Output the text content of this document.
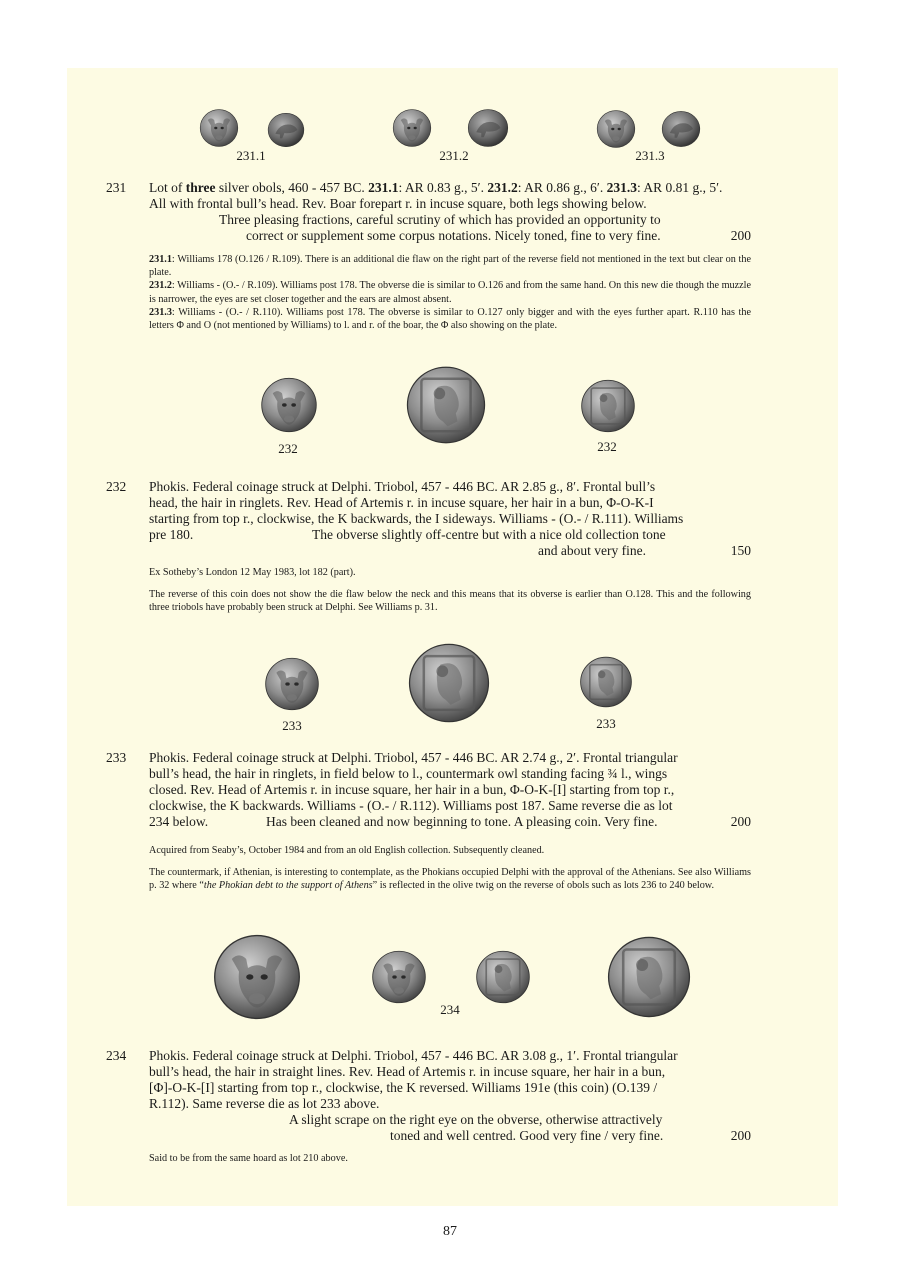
231.1	231.2	231.3
231 Lot of three silver obols, 460 - 457 BC. 231.1: AR 0.83 g., 5′. 231.2: AR 0.86 g., 6′. 231.3: AR 0.81 g., 5′.
All with frontal bull’s head. Rev. Boar forepart r. in incuse square, both legs showing below.
Three pleasing fractions, careful scrutiny of which has provided an opportunity to
correct or supplement some corpus notations. Nicely toned, fine to very fine.	200
231.1: Williams 178 (O.126 / R.109). There is an additional die flaw on the right part of the reverse field not mentioned in the text but clear on the plate.
231.2: Williams - (O.- / R.109). Williams post 178. The obverse die is similar to O.126 and from the same hand. On this new die though the muzzle is narrower, the eyes are set closer together and the ears are almost absent.
231.3: Williams - (O.- / R.110). Williams post 178. The obverse is similar to O.127 only bigger and with the eyes further apart. R.110 has the letters Φ and O (not mentioned by Williams) to l. and r. of the boar, the Φ also showing on the plate.
232	232
232 Phokis. Federal coinage struck at Delphi. Triobol, 457 - 446 BC. AR 2.85 g., 8′. Frontal bull’s
head, the hair in ringlets. Rev. Head of Artemis r. in incuse square, her hair in a bun, Φ-O-K-I
starting from top r., clockwise, the K backwards, the I sideways. Williams - (O.- / R.111). Williams
pre 180.	The obverse slightly off-centre but with a nice old collection tone
and about very fine.	150
Ex Sotheby’s London 12 May 1983, lot 182 (part).
The reverse of this coin does not show the die flaw below the neck and this means that its obverse is earlier than O.128. This and the following three triobols have probably been struck at Delphi. See Williams p. 31.
233	233
233 Phokis. Federal coinage struck at Delphi. Triobol, 457 - 446 BC. AR 2.74 g., 2′. Frontal triangular
bull’s head, the hair in ringlets, in field below to l., countermark owl standing facing ¾ l., wings
closed. Rev. Head of Artemis r. in incuse square, her hair in a bun, Φ-O-K-[I] starting from top r.,
clockwise, the K backwards. Williams - (O.- / R.112). Williams post 187. Same reverse die as lot
234 below.	Has been cleaned and now beginning to tone. A pleasing coin. Very fine.	200
Acquired from Seaby’s, October 1984 and from an old English collection. Subsequently cleaned.
The countermark, if Athenian, is interesting to contemplate, as the Phokians occupied Delphi with the approval of the Athenians. See also Williams p. 32 where “the Phokian debt to the support of Athens” is reflected in the olive twig on the reverse of obols such as lots 236 to 240 below.
234
234 Phokis. Federal coinage struck at Delphi. Triobol, 457 - 446 BC. AR 3.08 g., 1′. Frontal triangular
bull’s head, the hair in straight lines. Rev. Head of Artemis r. in incuse square, her hair in a bun,
[Φ]-O-K-[I] starting from top r., clockwise, the K reversed. Williams 191e (this coin) (O.139 /
R.112). Same reverse die as lot 233 above.
A slight scrape on the right eye on the obverse, otherwise attractively
toned and well centred. Good very fine / very fine.	200
Said to be from the same hoard as lot 210 above.
87
